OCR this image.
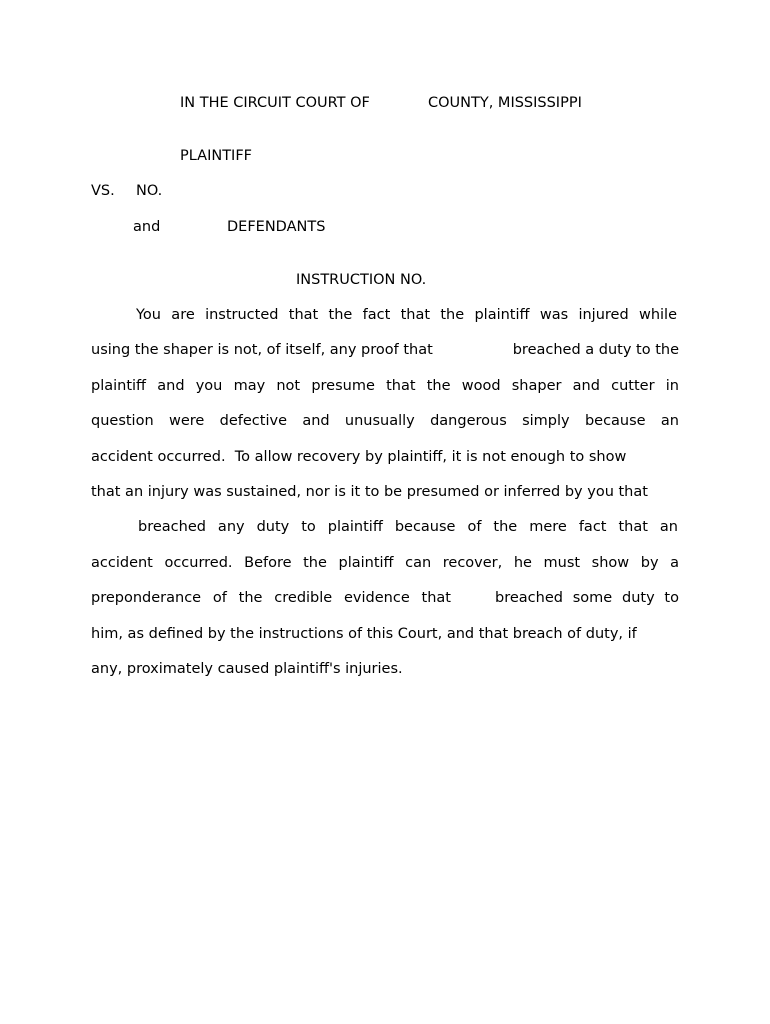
IN THE CIRCUIT COURT OF	COUNTY, MISSISSIPPI
PLAINTIFF
VS. NO.
and	DEFENDANTS
INSTRUCTION NO.
You are instructed that the fact that the plaintiff was injured while
using the shaper is not, of itself, any proof that	breached a duty to the
plaintiff and you may not presume that the wood shaper and cutter in
question were defective and unusually dangerous simply because an
accident occurred.  To allow recovery by plaintiff, it is not enough to show
that an injury was sustained, nor is it to be presumed or inferred by you that
breached any duty to plaintiff because of the mere fact that an
accident occurred. Before the plaintiff can recover, he must show by a
preponderance of the credible evidence that	breached some duty to
him, as defined by the instructions of this Court, and that breach of duty, if
any, proximately caused plaintiff's injuries.
